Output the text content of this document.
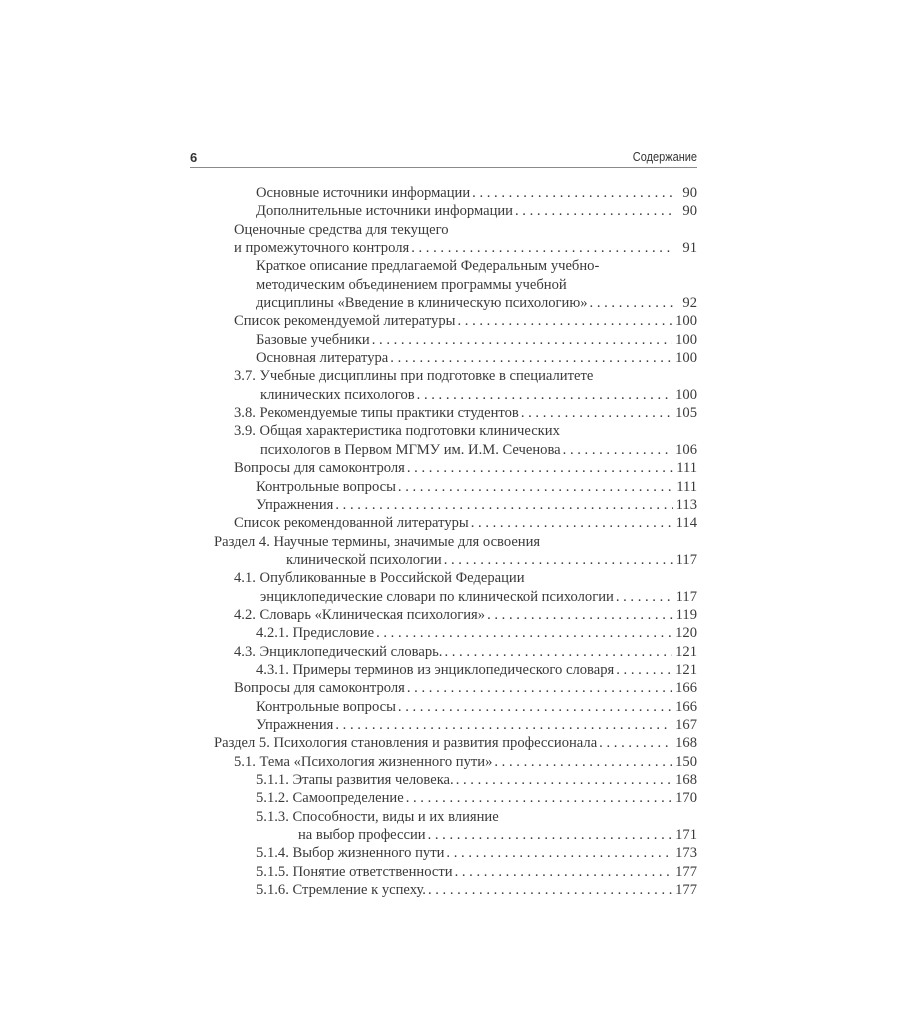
6	Содержание
Основные источники информации . . .	90
Дополнительные источники информации . . .	90
Оценочные средства для текущего
и промежуточного контроля . . .	91
Краткое описание предлагаемой Федеральным учебно-
методическим объединением программы учебной
дисциплины «Введение в клиническую психологию» . . .	92
Список рекомендуемой литературы . . .	100
Базовые учебники . . .	100
Основная литература . . .	100
3.7. Учебные дисциплины при подготовке в специалитете
клинических психологов . . .	100
3.8. Рекомендуемые типы практики студентов . . .	105
3.9. Общая характеристика подготовки клинических
психологов в Первом МГМУ им. И.М. Сеченова . . .	106
Вопросы для самоконтроля . . .	111
Контрольные вопросы . . .	111
Упражнения . . .	113
Список рекомендованной литературы . . .	114
Раздел 4. Научные термины, значимые для освоения
клинической психологии . . .	117
4.1. Опубликованные в Российской Федерации
энциклопедические словари по клинической психологии . . .	117
4.2. Словарь «Клиническая психология» . . .	119
4.2.1. Предисловие . . .	120
4.3. Энциклопедический словарь. . . .	121
4.3.1. Примеры терминов из энциклопедического словаря . . .	121
Вопросы для самоконтроля . . .	166
Контрольные вопросы . . .	166
Упражнения . . .	167
Раздел 5. Психология становления и развития профессионала . . .	168
5.1. Тема «Психология жизненного пути» . . .	150
5.1.1. Этапы развития человека. . . .	168
5.1.2. Самоопределение . . .	170
5.1.3. Способности, виды и их влияние
на выбор профессии . . .	171
5.1.4. Выбор жизненного пути . . .	173
5.1.5. Понятие ответственности . . .	177
5.1.6. Стремление к успеху. . . .	177
